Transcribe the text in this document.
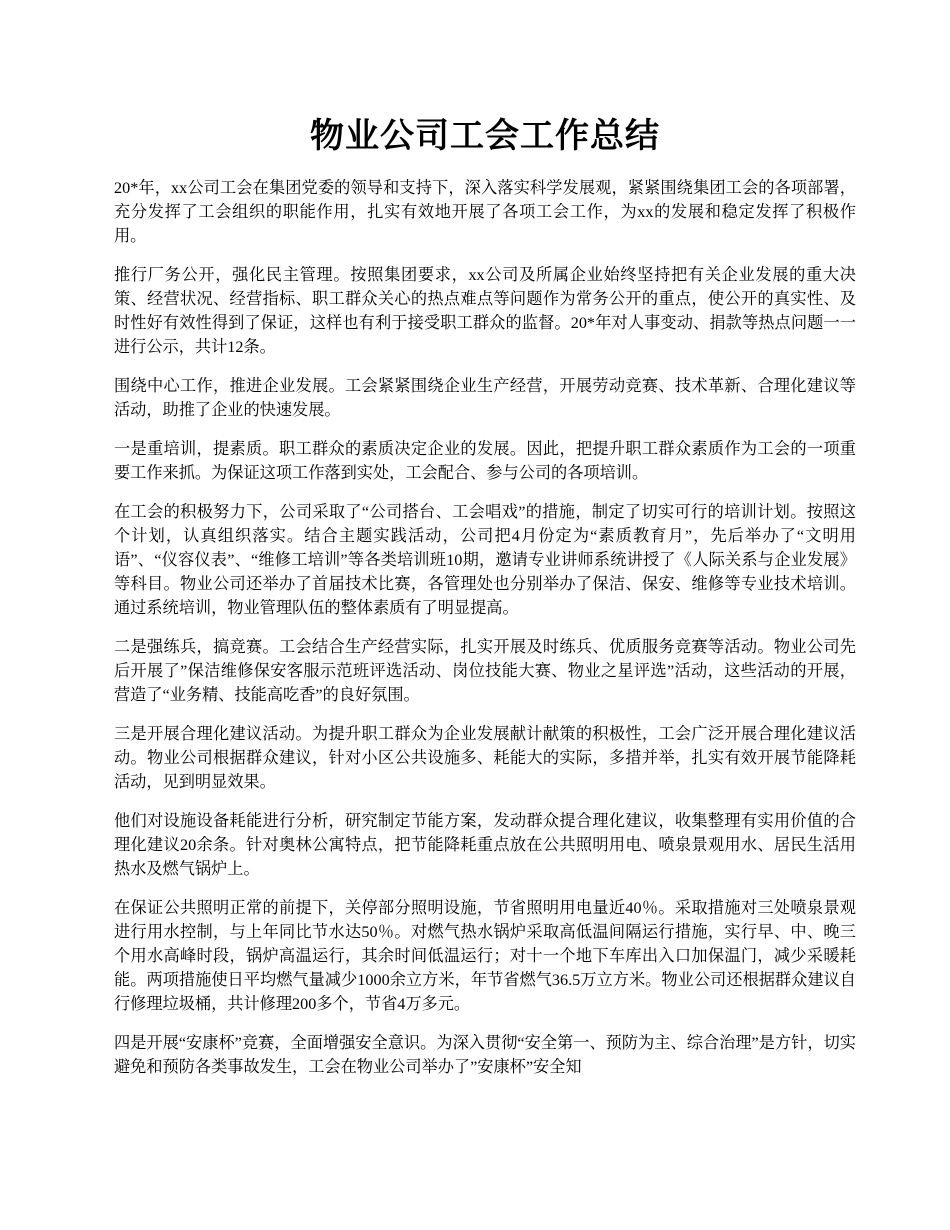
物业公司工会工作总结

20*年，xx公司工会在集团党委的领导和支持下，深入落实科学发展观，紧紧围绕集团工会的各项部署，充分发挥了工会组织的职能作用，扎实有效地开展了各项工会工作，为xx的发展和稳定发挥了积极作用。

推行厂务公开，强化民主管理。按照集团要求，xx公司及所属企业始终坚持把有关企业发展的重大决策、经营状况、经营指标、职工群众关心的热点难点等问题作为常务公开的重点，使公开的真实性、及时性好有效性得到了保证，这样也有利于接受职工群众的监督。20*年对人事变动、捐款等热点问题一一进行公示，共计12条。

围绕中心工作，推进企业发展。工会紧紧围绕企业生产经营，开展劳动竞赛、技术革新、合理化建议等活动，助推了企业的快速发展。

一是重培训，提素质。职工群众的素质决定企业的发展。因此，把提升职工群众素质作为工会的一项重要工作来抓。为保证这项工作落到实处，工会配合、参与公司的各项培训。

在工会的积极努力下，公司采取了“公司搭台、工会唱戏”的措施，制定了切实可行的培训计划。按照这个计划，认真组织落实。结合主题实践活动，公司把4月份定为“素质教育月”，先后举办了“文明用语”、“仪容仪表”、“维修工培训”等各类培训班10期，邀请专业讲师系统讲授了《人际关系与企业发展》等科目。物业公司还举办了首届技术比赛，各管理处也分别举办了保洁、保安、维修等专业技术培训。通过系统培训，物业管理队伍的整体素质有了明显提高。

二是强练兵，搞竞赛。工会结合生产经营实际，扎实开展及时练兵、优质服务竞赛等活动。物业公司先后开展了”保洁维修保安客服示范班评选活动、岗位技能大赛、物业之星评选”活动，这些活动的开展，营造了“业务精、技能高吃香”的良好氛围。

三是开展合理化建议活动。为提升职工群众为企业发展献计献策的积极性，工会广泛开展合理化建议活动。物业公司根据群众建议，针对小区公共设施多、耗能大的实际，多措并举，扎实有效开展节能降耗活动，见到明显效果。

他们对设施设备耗能进行分析，研究制定节能方案，发动群众提合理化建议，收集整理有实用价值的合理化建议20余条。针对奥林公寓特点，把节能降耗重点放在公共照明用电、喷泉景观用水、居民生活用热水及燃气锅炉上。

在保证公共照明正常的前提下，关停部分照明设施，节省照明用电量近40％。采取措施对三处喷泉景观进行用水控制，与上年同比节水达50％。对燃气热水锅炉采取高低温间隔运行措施，实行早、中、晚三个用水高峰时段，锅炉高温运行，其余时间低温运行；对十一个地下车库出入口加保温门，减少采暖耗能。两项措施使日平均燃气量减少1000余立方米，年节省燃气36.5万立方米。物业公司还根据群众建议自行修理垃圾桶，共计修理200多个，节省4万多元。

四是开展“安康杯”竞赛，全面增强安全意识。为深入贯彻“安全第一、预防为主、综合治理”是方针，切实避免和预防各类事故发生，工会在物业公司举办了”安康杯”安全知
